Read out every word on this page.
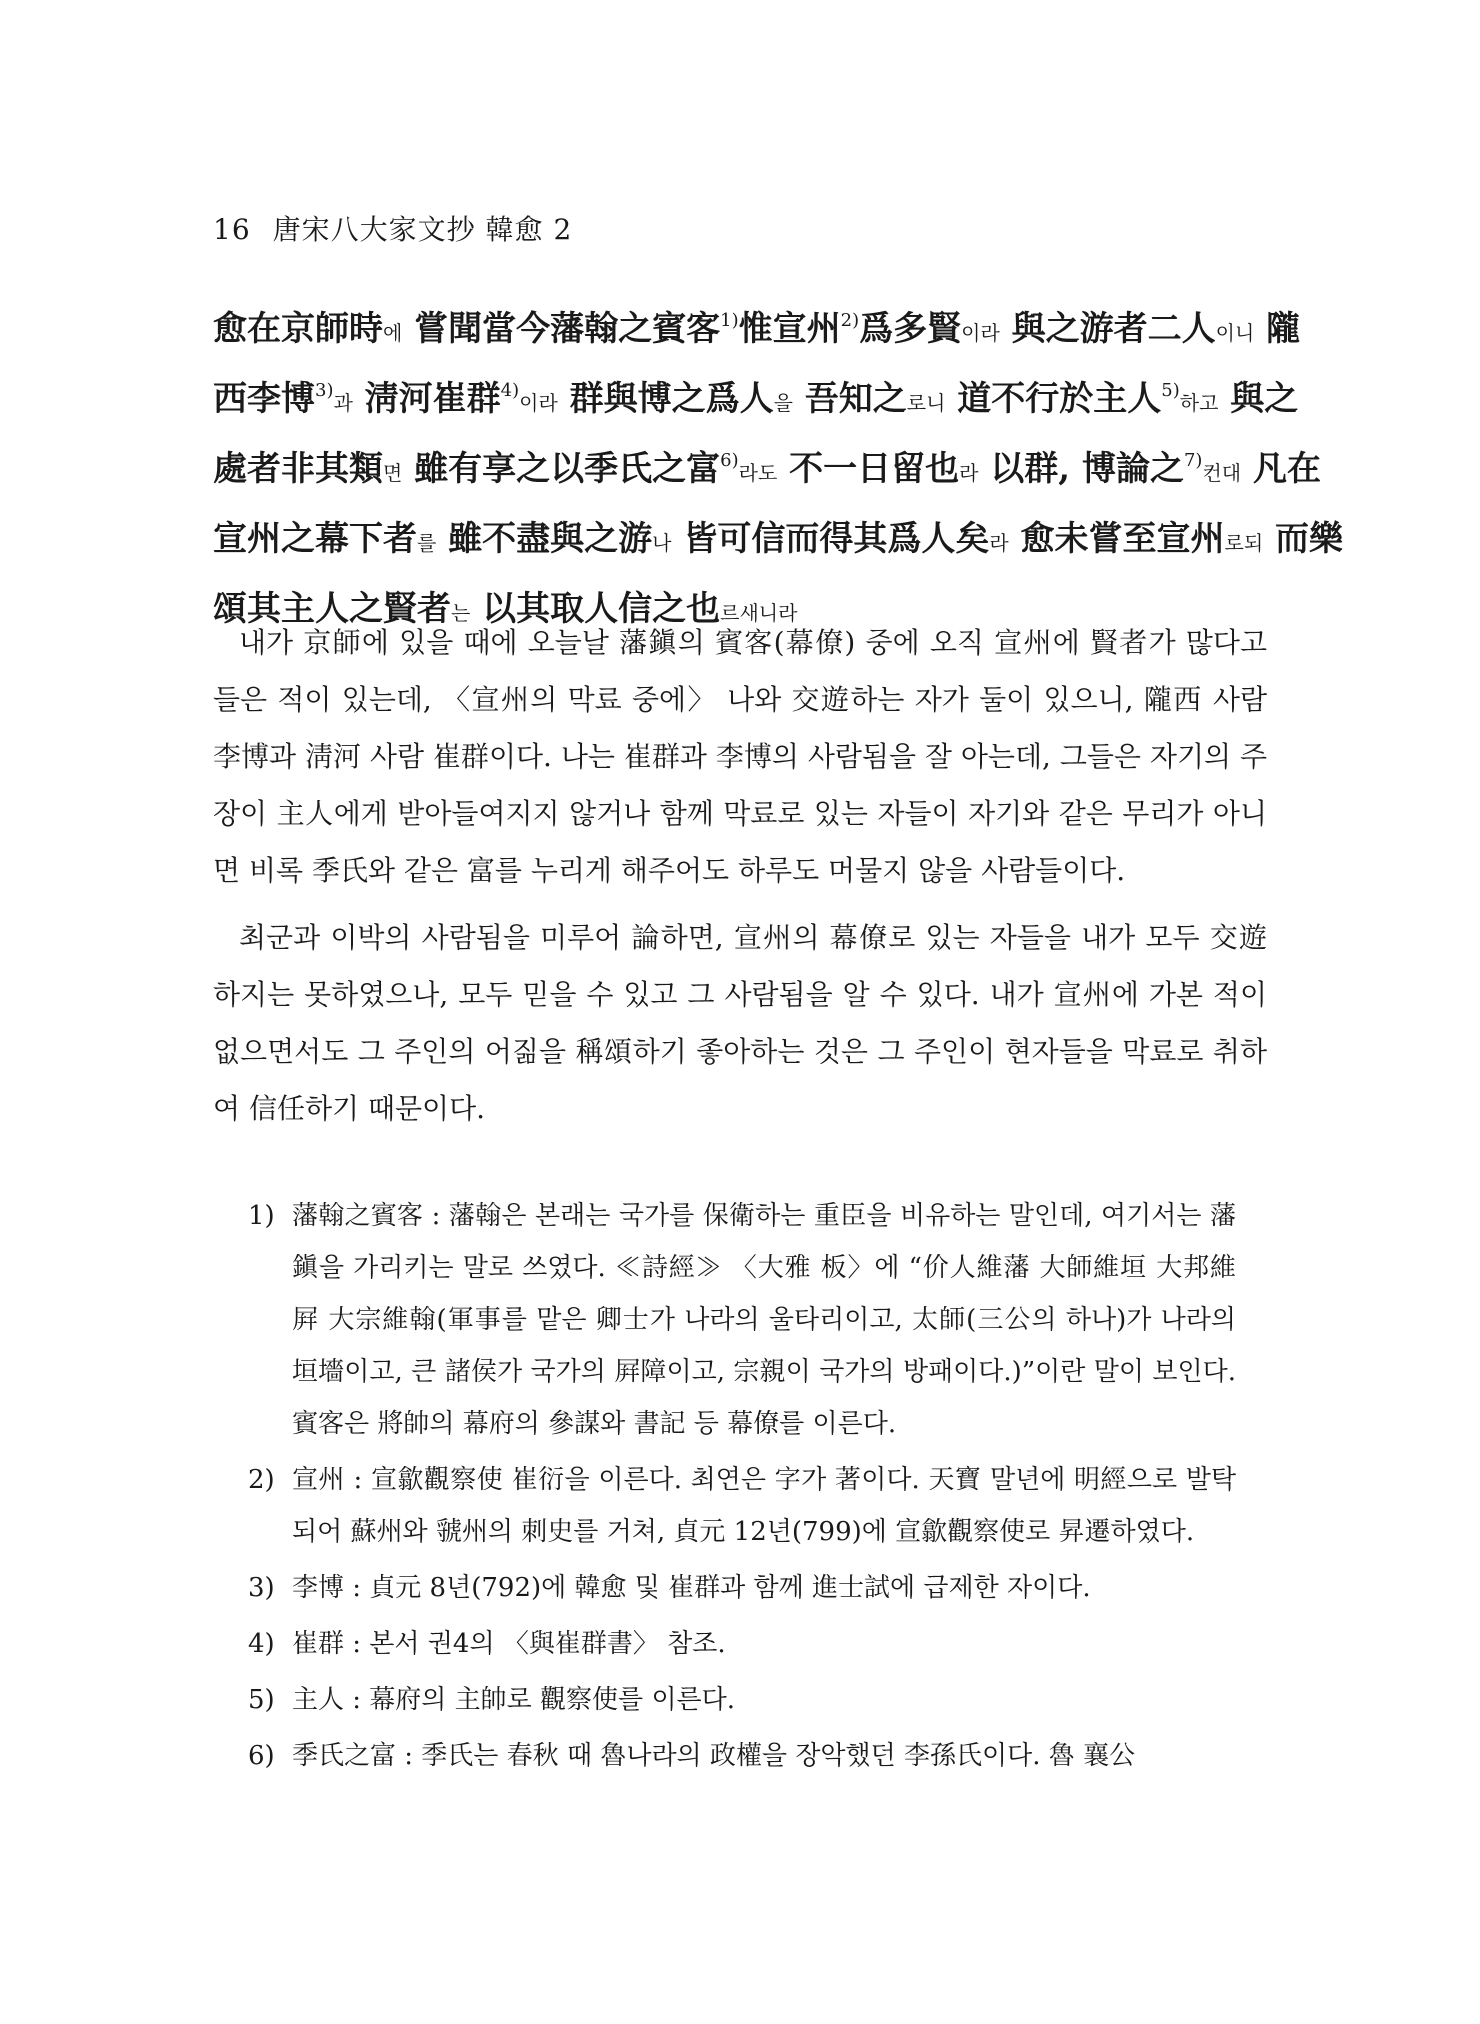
16 唐宋八大家文抄 韓愈 2
愈在京師時에 嘗聞當今藩翰之賓客$^{1)}$惟宣州$^{2)}$爲多賢이라 與之游者二人이니 隴
西李博$^{3)}$과 淸河崔群$^{4)}$이라 群與博之爲人을 吾知之로니 道不行於主人$^{5)}$하고 與之
處者非其類면 雖有享之以季氏之富$^{6)}$라도 不一日留也라 以群, 博論之$^{7)}$컨대 凡在
宣州之幕下者를 雖不盡與之游나 皆可信而得其爲人矣라 愈未嘗至宣州로되 而樂
頌其主人之賢者는 以其取人信之也르새니라

내가 京師에 있을 때에 오늘날 藩鎭의 賓客(幕僚) 중에 오직 宣州에 賢者가 많다고 들은 적이 있는데, 〈宣州의 막료 중에〉 나와 交遊하는 자가 둘이 있으니, 隴西 사람 李博과 淸河 사람 崔群이다. 나는 崔群과 李博의 사람됨을 잘 아는데, 그들은 자기의 주장이 主人에게 받아들여지지 않거나 함께 막료로 있는 자들이 자기와 같은 무리가 아니면 비록 季氏와 같은 富를 누리게 해주어도 하루도 머물지 않을 사람들이다.

최군과 이박의 사람됨을 미루어 論하면, 宣州의 幕僚로 있는 자들을 내가 모두 交遊하지는 못하였으나, 모두 믿을 수 있고 그 사람됨을 알 수 있다. 내가 宣州에 가본 적이 없으면서도 그 주인의 어짊을 稱頌하기 좋아하는 것은 그 주인이 현자들을 막료로 취하여 信任하기 때문이다.

1) 藩翰之賓客 : 藩翰은 본래는 국가를 保衛하는 重臣을 비유하는 말인데, 여기서는 藩鎭을 가리키는 말로 쓰였다. ≪詩經≫ 〈大雅 板〉에 “价人維藩 大師維垣 大邦維屛 大宗維翰(軍事를 맡은 卿士가 나라의 울타리이고, 太師(三公의 하나)가 나라의 垣墻이고, 큰 諸侯가 국가의 屛障이고, 宗親이 국가의 방패이다.)”이란 말이 보인다. 賓客은 將帥의 幕府의 參謀와 書記 등 幕僚를 이른다.
2) 宣州 : 宣歙觀察使 崔衍을 이른다. 최연은 字가 著이다. 天寶 말년에 明經으로 발탁되어 蘇州와 虢州의 刺史를 거쳐, 貞元 12년(799)에 宣歙觀察使로 昇遷하였다.
3) 李博 : 貞元 8년(792)에 韓愈 및 崔群과 함께 進士試에 급제한 자이다.
4) 崔群 : 본서 권4의 〈與崔群書〉 참조.
5) 主人 : 幕府의 主帥로 觀察使를 이른다.
6) 季氏之富 : 季氏는 春秋 때 魯나라의 政權을 장악했던 李孫氏이다. 魯 襄公
